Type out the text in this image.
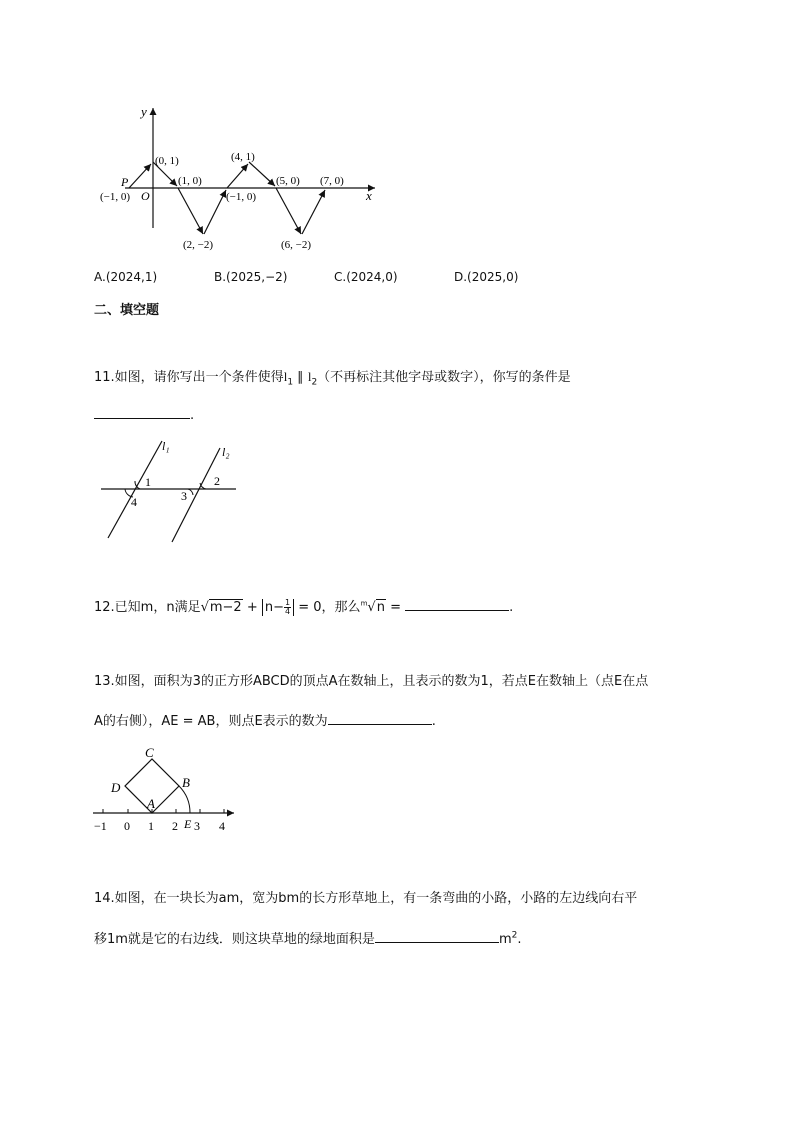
y
x
O
P
(−1, 0)
(0, 1)
(1, 0)
(2, −2)
(4, 1)
(−1, 0)
(5, 0) (7, 0)
(6, −2)
A.(2024,1)	B.(2025,−2)	C.(2024,0)	D.(2025,0)
二、填空题
11.如图，请你写出一个条件使得$l_1$ ∥ $l_2$（不再标注其他字母或数字），你写的条件是
.
l₁	l₂
1	2
3
4
12.已知m，n满足$√m-2 + n- \frac{1}{4} = 0$，那么$^m$√n =	.
13.如图，面积为3的正方形ABCD的顶点A在数轴上，且表示的数为1，若点E在数轴上（点E在点
A的右侧），AE = AB，则点E表示的数为	.
C
D	B
A
E
−1 0 1 2 3 4
14.如图，在一块长为am，宽为bm的长方形草地上，有一条弯曲的小路，小路的左边线向右平
移1m就是它的右边线．则这块草地的绿地面积是	$m^2$.
